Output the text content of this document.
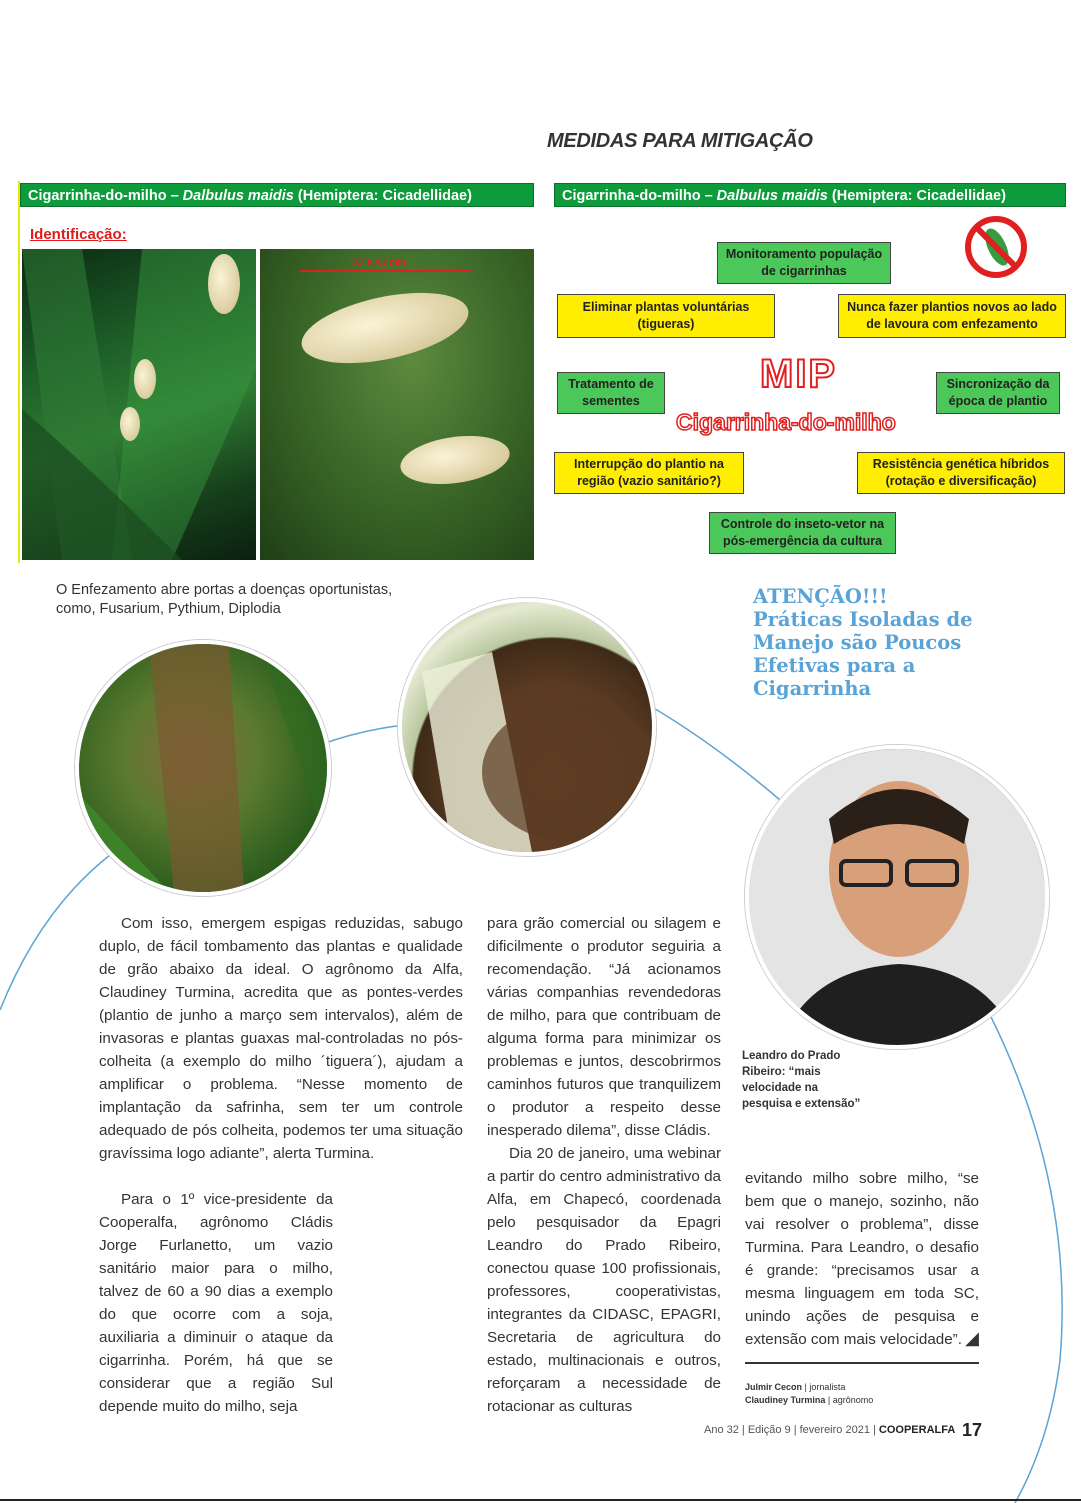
MEDIDAS PARA MITIGAÇÃO
Cigarrinha-do-milho – Dalbulus maidis (Hemiptera: Cicadellidae)
Identificação:
3,7 a 4,3 mm
Cigarrinha-do-milho – Dalbulus maidis (Hemiptera: Cicadellidae)
Monitoramento população de cigarrinhas
Eliminar plantas voluntárias (tigueras)
Nunca fazer plantios novos ao lado de lavoura com enfezamento
Tratamento de sementes
Sincronização da época de plantio
Interrupção do plantio na região (vazio sanitário?)
Resistência genética híbridos (rotação e diversificação)
Controle do inseto-vetor na pós-emergência da cultura
MIP
Cigarrinha-do-milho
O Enfezamento abre portas a doenças oportunistas, como, Fusarium, Pythium, Diplodia
ATENÇÃO!!! Práticas Isoladas de Manejo são Poucos Efetivas para a Cigarrinha
Com isso, emergem espigas reduzidas, sabugo duplo, de fácil tombamento das plantas e qualidade de grão abaixo da ideal. O agrônomo da Alfa, Claudiney Turmina, acredita que as pontes-verdes (plantio de junho a março sem intervalos), além de invasoras e plantas guaxas mal-controladas no pós-colheita (a exemplo do milho ´tiguera´), ajudam a amplificar o problema. “Nesse momento de implantação da safrinha, sem ter um controle adequado de pós colheita, podemos ter uma situação gravíssima logo adiante”, alerta Turmina.
Para o 1º vice-presidente da Cooperalfa, agrônomo Cládis Jorge Furlanetto, um vazio sanitário maior para o milho, talvez de 60 a 90 dias a exemplo do que ocorre com a soja, auxiliaria a diminuir o ataque da cigarrinha. Porém, há que se considerar que a região Sul depende muito do milho, seja

para grão comercial ou silagem e dificilmente o produtor seguiria a recomendação. “Já acionamos várias companhias revendedoras de milho, para que contribuam de alguma forma para minimizar os problemas e juntos, descobrirmos caminhos futuros que tranquilizem o produtor a respeito desse inesperado dilema”, disse Cládis.

Dia 20 de janeiro, uma webinar a partir do centro administrativo da Alfa, em Chapecó, coordenada pelo pesquisador da Epagri Leandro do Prado Ribeiro, conectou quase 100 profissionais, professores, cooperativistas, integrantes da CIDASC, EPAGRI, Secretaria de agricultura do estado, multinacionais e outros, reforçaram a necessidade de rotacionar as culturas

evitando milho sobre milho, “se bem que o manejo, sozinho, não vai resolver o problema”, disse Turmina. Para Leandro, o desafio é grande: “precisamos usar a mesma linguagem em toda SC, unindo ações de pesquisa e extensão com mais velocidade”. ◢
Leandro do Prado Ribeiro: “mais velocidade na pesquisa e extensão”
Julmir Cecon | jornalista
Claudiney Turmina | agrônomo
Ano 32 | Edição 9 | fevereiro 2021 | COOPERALFA 17
